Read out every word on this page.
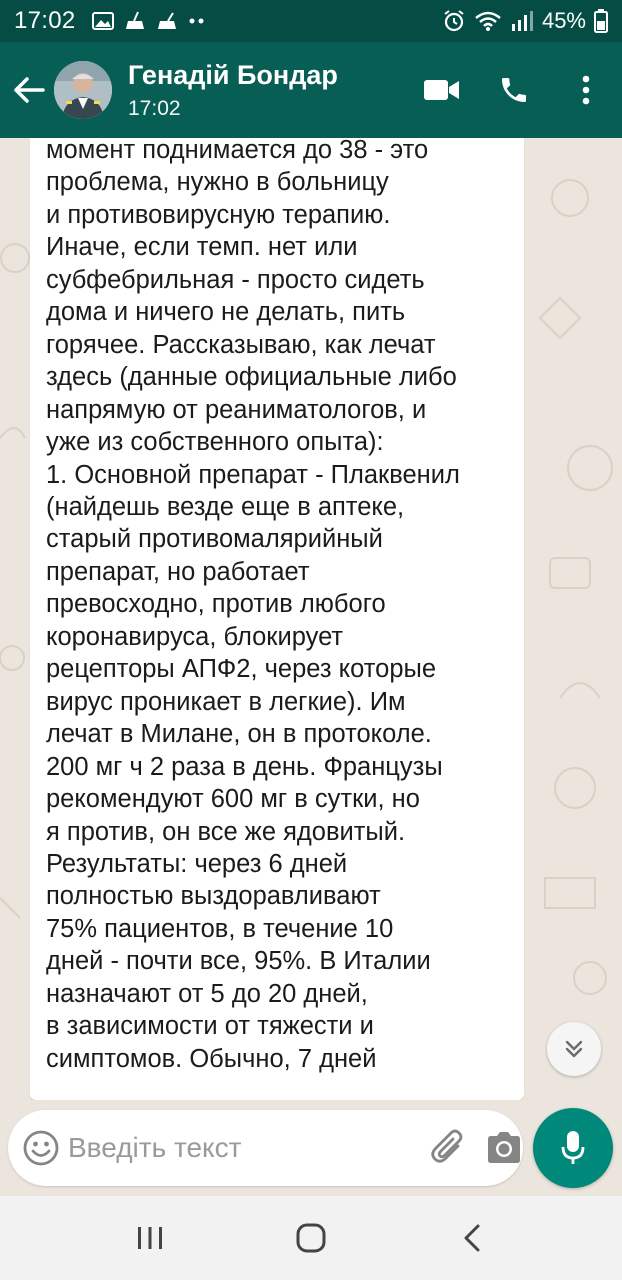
17:02	45%
Генадій Бондар
17:02
момент поднимается до 38 - это
проблема, нужно в больницу
и противовирусную терапию.
Иначе, если темп. нет или
субфебрильная - просто сидеть
дома и ничего не делать, пить
горячее. Рассказываю, как лечат
здесь (данные официальные либо
напрямую от реаниматологов, и
уже из собственного опыта):
1. Основной препарат - Плаквенил
(найдешь везде еще в аптеке,
старый противомалярийный
препарат, но работает
превосходно, против любого
коронавируса, блокирует
рецепторы АПФ2, через которые
вирус проникает в легкие). Им
лечат в Милане, он в протоколе.
200 мг ч 2 раза в день. Французы
рекомендуют 600 мг в сутки, но
я против, он все же ядовитый.
Результаты: через 6 дней
полностью выздоравливают
75% пациентов, в течение 10
дней - почти все, 95%. В Италии
назначают от 5 до 20 дней,
в зависимости от тяжести и
симптомов. Обычно, 7 дней
Введіть текст
